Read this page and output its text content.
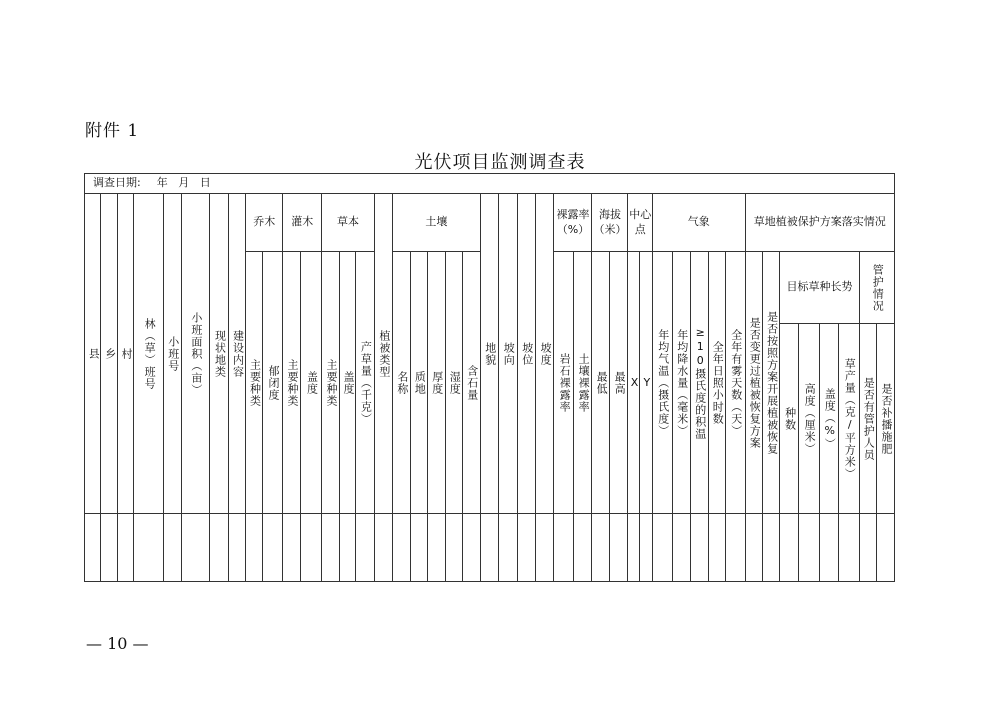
附件 1
光伏项目监测调查表
调查日期: 年 月 日																																											
县	乡	村	林（草）班号	小班号	小班面积（亩）	现状地类	建设内容	乔木		灌木		草本			植被类型	土壤					地貌	坡向	坡位	坡度	裸露率（%）		海拔（米）		中心点		气象					草地植被保护方案落实情况							
								主要种类	郁闭度	主要种类	盖度	主要种类	盖度	产草量（千克）		名称	质地	厚度	湿度	含石量					岩石裸露率	土壤裸露率	最低	最高	X	Y	年均气温（摄氏度）	年均降水量（毫米）	≥10摄氏度的积温	全年日照小时数	全年有雾天数（天）	是否变更过植被恢复方案	是否按照方案开展植被恢复	目标草种长势				管护情况	
																																						种数	高度（厘米）	盖度（%）	草产量（克/平方米）	是否有管护人员	是否补播施肥

— 10 —
